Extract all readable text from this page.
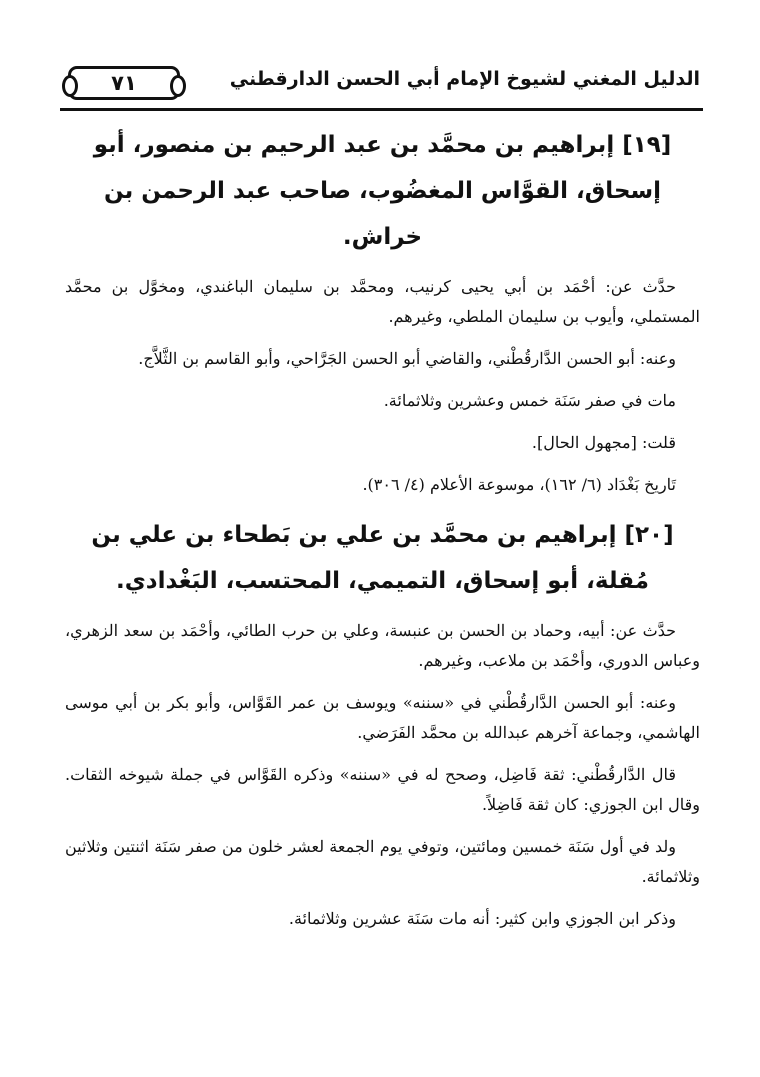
٧١	الدليل المغني لشيوخ الإمام أبي الحسن الدارقطني
[١٩] إبراهيم بن محمَّد بن عبد الرحيم بن منصور، أبو إسحاق، القوَّاس المغضُوب، صاحب عبد الرحمن بن خراش.

حدَّث عن: أحْمَد بن أبي يحيى كرنيب، ومحمَّد بن سليمان الباغندي، ومخوَّل بن محمَّد المستملي، وأيوب بن سليمان الملطي، وغيرهم.

وعنه: أبو الحسن الدَّارقُطْني، والقاضي أبو الحسن الجَرَّاحي، وأبو القاسم بن الثَّلاَّج.

مات في صفر سَنَة خمس وعشرين وثلاثمائة.

قلت: [مجهول الحال].

تَاريخ بَغْدَاد (٦/ ١٦٢)، موسوعة الأعلام (٤/ ٣٠٦).

[٢٠] إبراهيم بن محمَّد بن علي بن بَطحاء بن علي بن مُقلة، أبو إسحاق، التميمي، المحتسب، البَغْدادي.

حدَّث عن: أبيه، وحماد بن الحسن بن عنبسة، وعلي بن حرب الطائي، وأحْمَد بن سعد الزهري، وعباس الدوري، وأحْمَد بن ملاعب، وغيرهم.

وعنه: أبو الحسن الدَّارقُطْني في «سننه» ويوسف بن عمر القَوَّاس، وأبو بكر بن أبي موسى الهاشمي، وجماعة آخرهم عبدالله بن محمَّد الفَرَضي.

قال الدَّارقُطْني: ثقة فَاضِل، وصحح له في «سننه» وذكره القَوَّاس في جملة شيوخه الثقات. وقال ابن الجوزي: كان ثقة فَاضِلاً.

ولد في أول سَنَة خمسين ومائتين، وتوفي يوم الجمعة لعشر خلون من صفر سَنَة اثنتين وثلاثين وثلاثمائة.

وذكر ابن الجوزي وابن كثير: أنه مات سَنَة عشرين وثلاثمائة.
